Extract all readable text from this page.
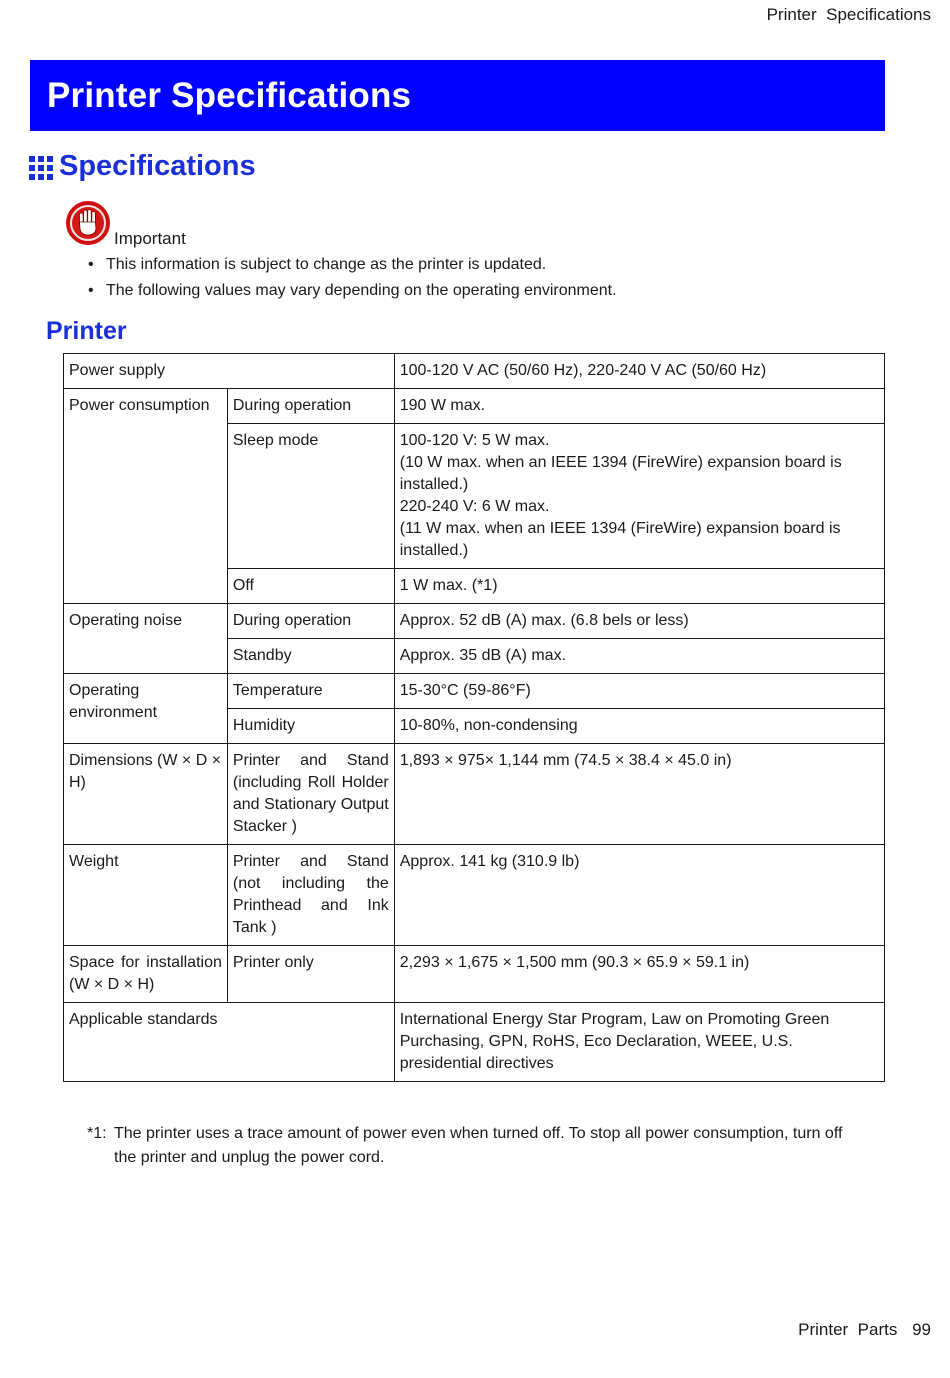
Printer  Specifications
Printer Specifications
Specifications
Important
• This information is subject to change as the printer is updated.
• The following values may vary depending on the operating environment.
Printer
Power supply		100-120 V AC (50/60 Hz), 220-240 V AC (50/60 Hz)
Power consumption	During operation	190 W max.
	Sleep mode	100-120 V: 5 W max.
(10 W max. when an IEEE 1394 (FireWire) expansion board is installed.)
220-240 V: 6 W max.
(11 W max. when an IEEE 1394 (FireWire) expansion board is installed.)

	Off	1 W max. (*1)
Operating noise	During operation	Approx. 52 dB (A) max. (6.8 bels or less)
	Standby	Approx. 35 dB (A) max.
Operating environment	Temperature	15-30°C (59-86°F)
	Humidity	10-80%, non-condensing
Dimensions (W × D × H)	Printer and Stand (including Roll Holder and Stationary Output Stacker )	1,893 × 975× 1,144 mm (74.5 × 38.4 × 45.0 in)
Weight	Printer and Stand (not including the Printhead and Ink Tank )	Approx. 141 kg (310.9 lb)
Space for installation (W × D × H)	Printer only	2,293 × 1,675 × 1,500 mm (90.3 × 65.9 × 59.1 in)
Applicable standards		International Energy Star Program, Law on Promoting Green Purchasing, GPN, RoHS, Eco Declaration, WEEE, U.S. presidential directives
*1: The printer uses a trace amount of power even when turned off. To stop all power consumption, turn off the printer and unplug the power cord.
Printer  Parts 99
